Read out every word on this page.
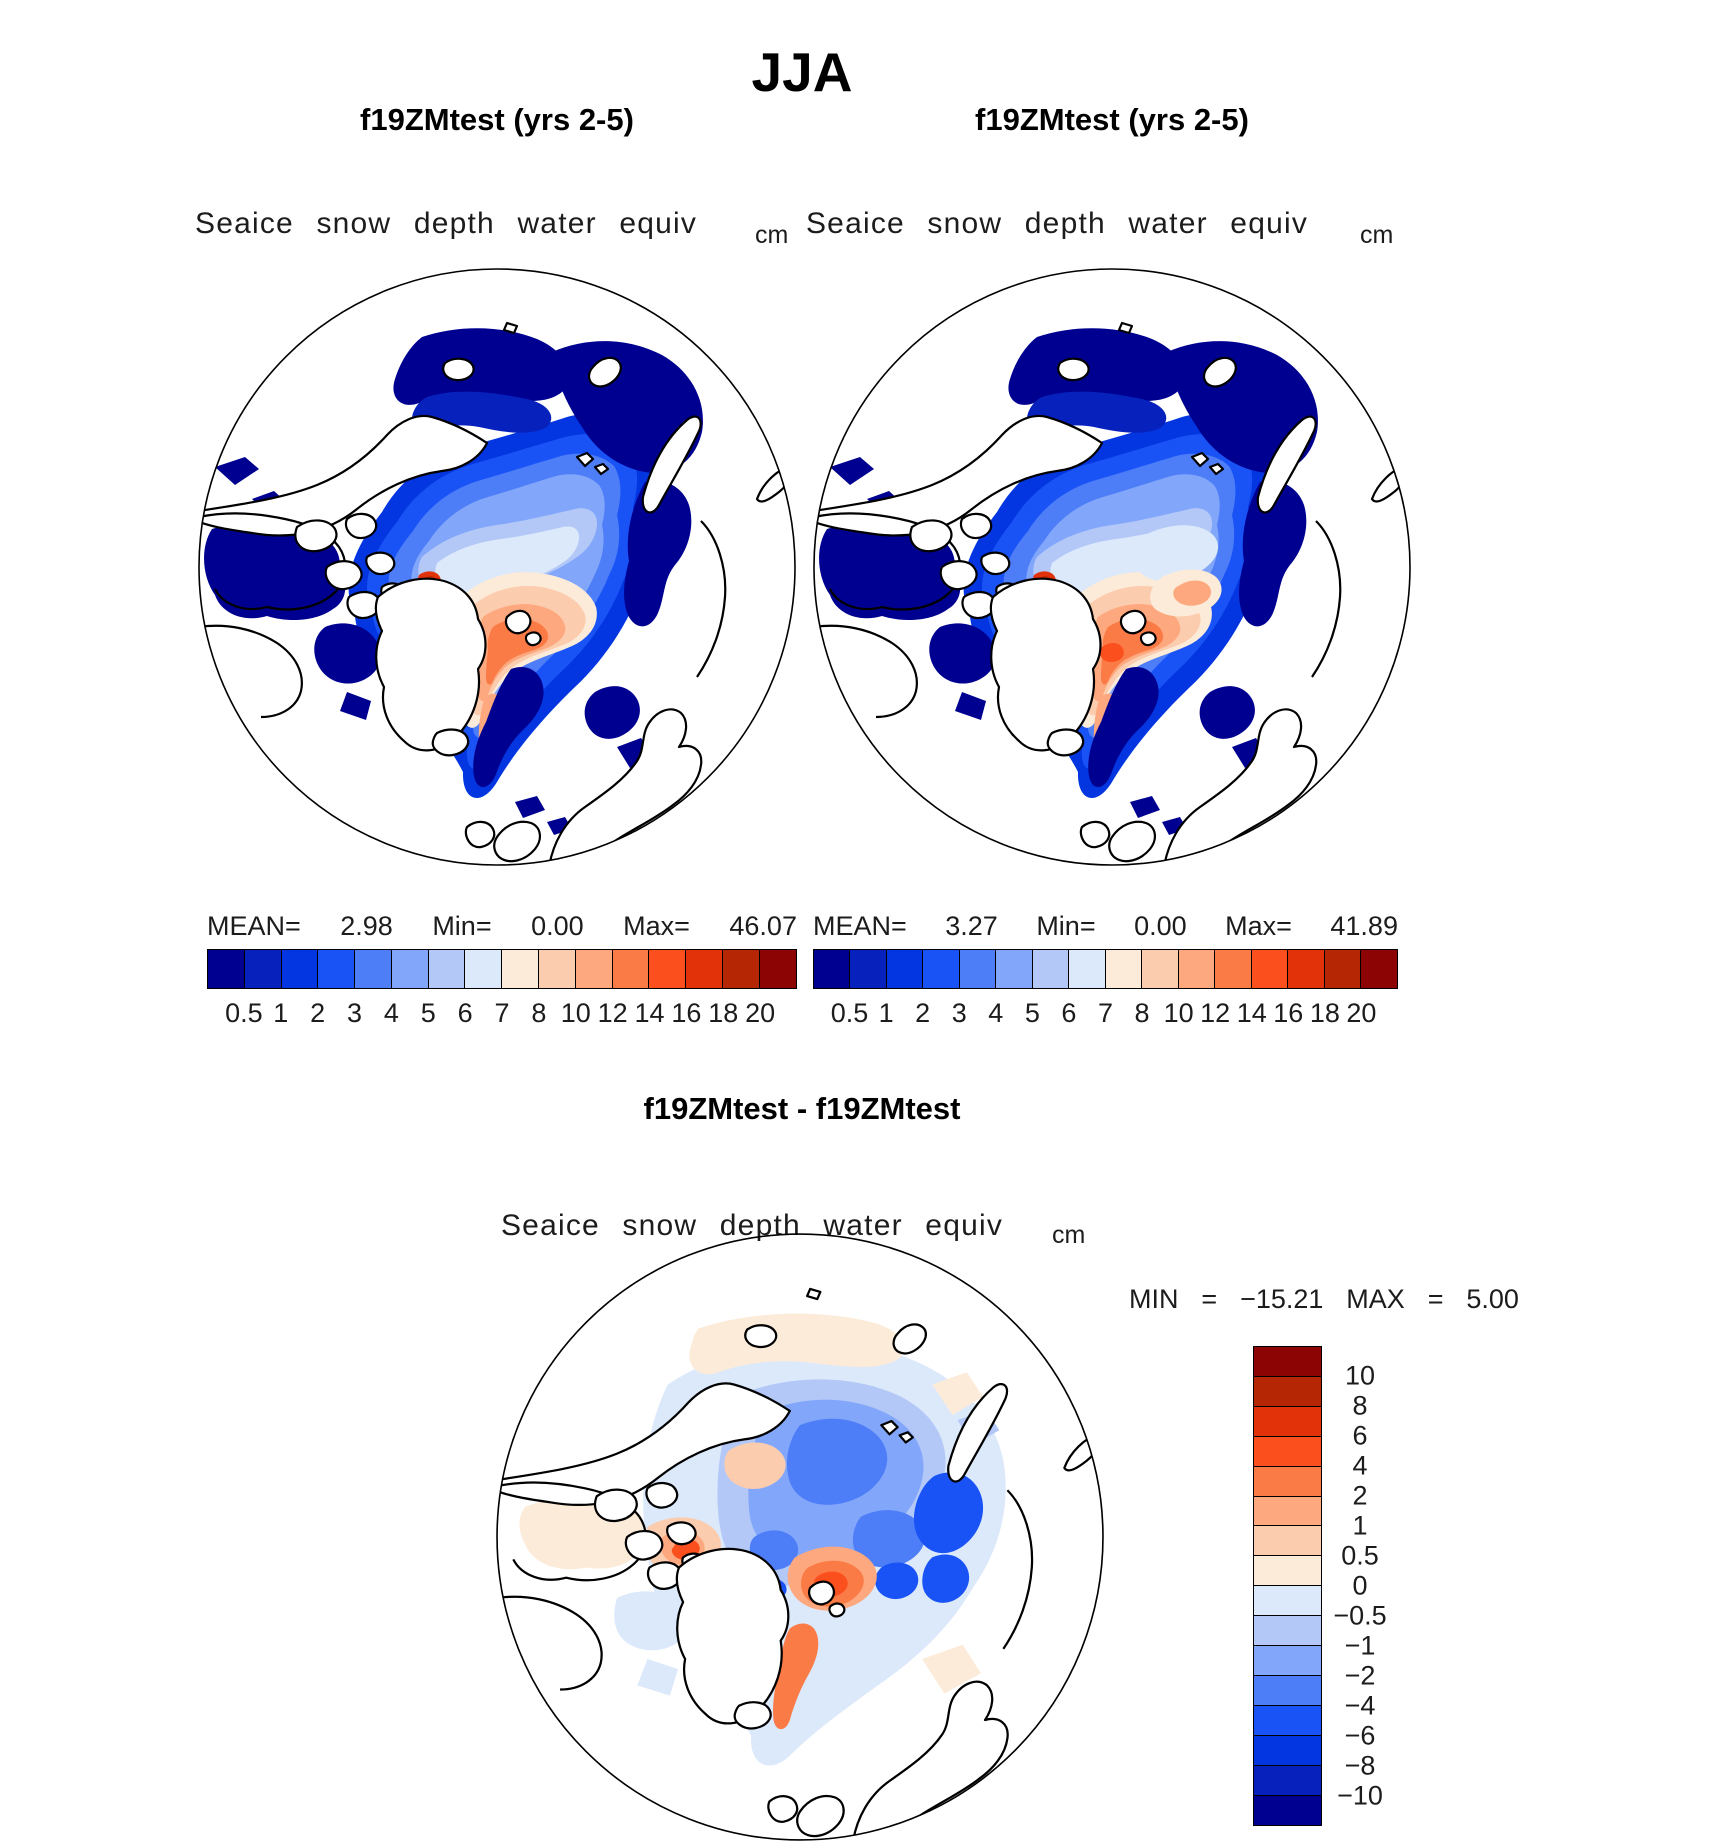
JJA
f19ZMtest (yrs 2-5)	f19ZMtest (yrs 2-5)
Seaice snow depth water equiv cm Seaice snow depth water equiv cm
MEAN= 2.98 Min= 0.00 Max= 46.07
0.5 1 2 3 4 5 6 7 8 10 12 14 16 18 20
MEAN= 3.27 Min= 0.00 Max= 41.89
0.5 1 2 3 4 5 6 7 8 10 12 14 16 18 20
f19ZMtest - f19ZMtest
Seaice snow depth water equiv cm
MIN = −15.21 MAX = 5.00
10
8
6
4
2
1
0.5
0
−0.5
−1
−2
−4
−6
−8
−10
